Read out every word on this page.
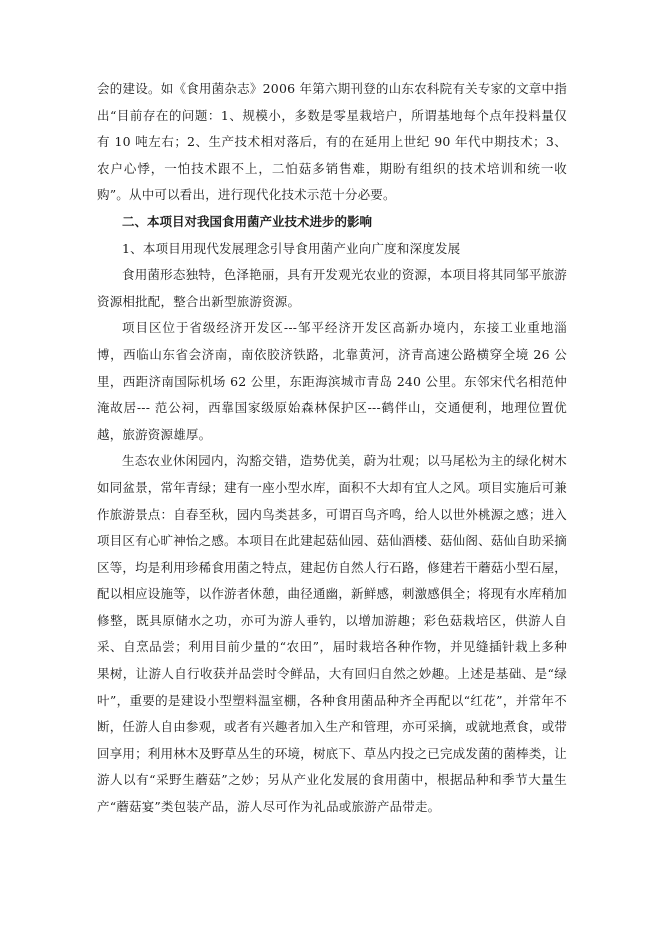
会的建设。如《食用菌杂志》2006 年第六期刊登的山东农科院有关专家的文章中指出“目前存在的问题：1、规模小，多数是零星栽培户，所谓基地每个点年投料量仅有 10 吨左右；2、生产技术相对落后，有的在延用上世纪 90 年代中期技术；3、农户心悸，一怕技术跟不上，二怕菇多销售难，期盼有组织的技术培训和统一收购”。从中可以看出，进行现代化技术示范十分必要。

二、本项目对我国食用菌产业技术进步的影响

1、本项目用现代发展理念引导食用菌产业向广度和深度发展

食用菌形态独特，色泽艳丽，具有开发观光农业的资源，本项目将其同邹平旅游资源相批配，整合出新型旅游资源。

项目区位于省级经济开发区---邹平经济开发区高新办境内，东接工业重地淄博，西临山东省会济南，南依胶济铁路，北靠黄河，济青高速公路横穿全境 26 公里，西距济南国际机场 62 公里，东距海滨城市青岛 240 公里。东邻宋代名相范仲淹故居--- 范公祠，西靠国家级原始森林保护区---鹤伴山，交通便利，地理位置优越，旅游资源雄厚。

生态农业休闲园内，沟豁交错，造势优美，蔚为壮观；以马尾松为主的绿化树木如同盆景，常年青绿；建有一座小型水库，面积不大却有宜人之风。项目实施后可兼作旅游景点：自春至秋，园内鸟类甚多，可谓百鸟齐鸣，给人以世外桃源之感；进入项目区有心旷神怡之感。本项目在此建起菇仙园、菇仙酒楼、菇仙阁、菇仙自助采摘区等，均是利用珍稀食用菌之特点，建起仿自然人行石路，修建若干蘑菇小型石屋，配以相应设施等，以作游者休憩，曲径通幽，新鲜感，刺激感俱全；将现有水库稍加修整，既具原储水之功，亦可为游人垂钓，以增加游趣；彩色菇栽培区，供游人自采、自烹品尝；利用目前少量的“农田”，届时栽培各种作物，并见缝插针栽上多种果树，让游人自行收获并品尝时令鲜品，大有回归自然之妙趣。上述是基础、是“绿叶”，重要的是建设小型塑料温室棚，各种食用菌品种齐全再配以“红花”，并常年不断，任游人自由参观，或者有兴趣者加入生产和管理，亦可采摘，或就地煮食，或带回享用；利用林木及野草丛生的环境，树底下、草丛内投之已完成发菌的菌棒类，让游人以有“采野生蘑菇”之妙；另从产业化发展的食用菌中，根据品种和季节大量生产“蘑菇宴”类包装产品，游人尽可作为礼品或旅游产品带走。
